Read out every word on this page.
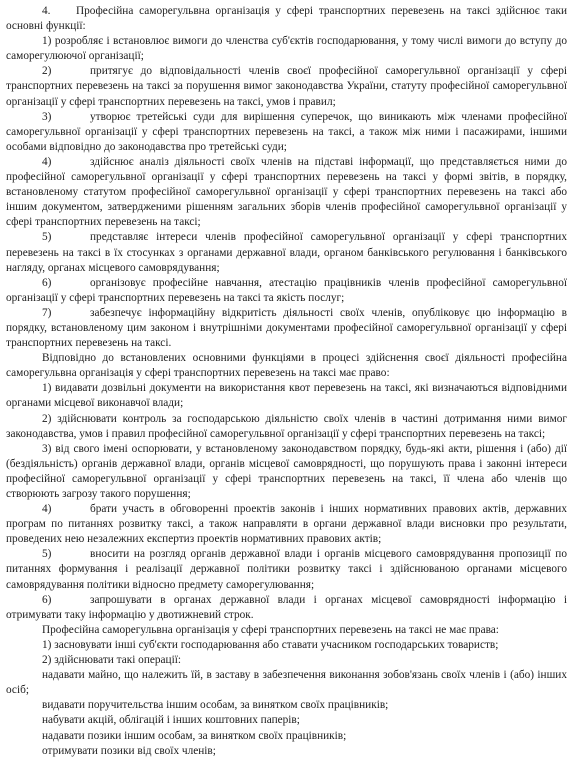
4. Професійна саморегульвна організація у сфері транспортних перевезень на таксі здійснює таки основні функції:

1) розробляє і встановлює вимоги до членства суб'єктів господарювання, у тому числі вимоги до вступу до саморегулюючої організації;

2)	притягує до відповідальності членів своєї професійної саморегульвної організації у сфері транспортних перевезень на таксі за порушення вимог законодавства України, статуту професійної саморегульвної організації у сфері транспортних перевезень на таксі, умов і правил;

3)	утворює третейські суди для вирішення суперечок, що виникають між членами професійної саморегульвної організації у сфері транспортних перевезень на таксі, а також між ними і пасажирами, іншими особами відповідно до законодавства про третейські суди;

4)	здійснює аналіз діяльності своїх членів на підставі інформації, що представляється ними до професійної саморегульвної організації у сфері транспортних перевезень на таксі у формі звітів, в порядку, встановленому статутом професійної саморегульвної організації у сфері транспортних перевезень на таксі або іншим документом, затвердженими рішенням загальних зборів членів професійної саморегульвної організації у сфері транспортних перевезень на таксі;

5)	представляє інтереси членів професійної саморегульвної організації у сфері транспортних перевезень на таксі в їх стосунках з органами державної влади, органом банківського регулювання і банківського нагляду, органах місцевого самоврядування;

6)	організовує професійне навчання, атестацію працівників членів професійної саморегульвної організації у сфері транспортних перевезень на таксі та якість послуг;

7)	забезпечує інформаційну відкритість діяльності своїх членів, опубліковує цю інформацію в порядку, встановленому цим законом і внутрішніми документами професійної саморегульвної організації у сфері транспортних перевезень на таксі.

Відповідно до встановлених основними функціями в процесі здійснення своєї діяльності професійна саморегульвна організація у сфері транспортних перевезень на таксі має право:

1) видавати дозвільні документи на використання квот перевезень на таксі, які визначаються відповідними органами місцевої виконавчої влади;

2) здійснювати контроль за господарською діяльністю своїх членів в частині дотримання ними вимог законодавства, умов і правил професійної саморегульвної організації у сфері транспортних перевезень на таксі;

3) від свого імені оспорювати, у встановленому законодавством порядку, будь-які акти, рішення і (або) дії (бездіяльність) органів державної влади, органів місцевої самоврядності, що порушують права і законні інтереси професійної саморегульвної організації у сфері транспортних перевезень на таксі, її члена або членів що створюють загрозу такого порушення;

4)	брати участь в обговоренні проектів законів і інших нормативних правових актів, державних програм по питаннях розвитку таксі, а також направляти в органи державної влади висновки про результати, проведених нею незалежних експертиз проектів нормативних правових актів;

5)	вносити на розгляд органів державної влади і органів місцевого самоврядування пропозиції по питаннях формування і реалізації державної політики розвитку таксі і здійснюваною органами місцевого самоврядування політики відносно предмету саморегулювання;

6)	запрошувати в органах державної влади і органах місцевої самоврядності інформацію і отримувати таку інформацію у двотижневий строк.

Професійна саморегульвна організація у сфері транспортних перевезень на таксі не має права:

1) засновувати інші суб'єкти господарювання або ставати учасником господарських товариств;

2) здійснювати такі операції:

надавати майно, що належить їй, в заставу в забезпечення виконання зобов'язань своїх членів і (або) інших осіб;

видавати поручительства іншим особам, за винятком своїх працівників;

набувати акцій, облігацій і інших коштовних паперів;

надавати позики іншим особам, за винятком своїх працівників;

отримувати позики від своїх членів;
